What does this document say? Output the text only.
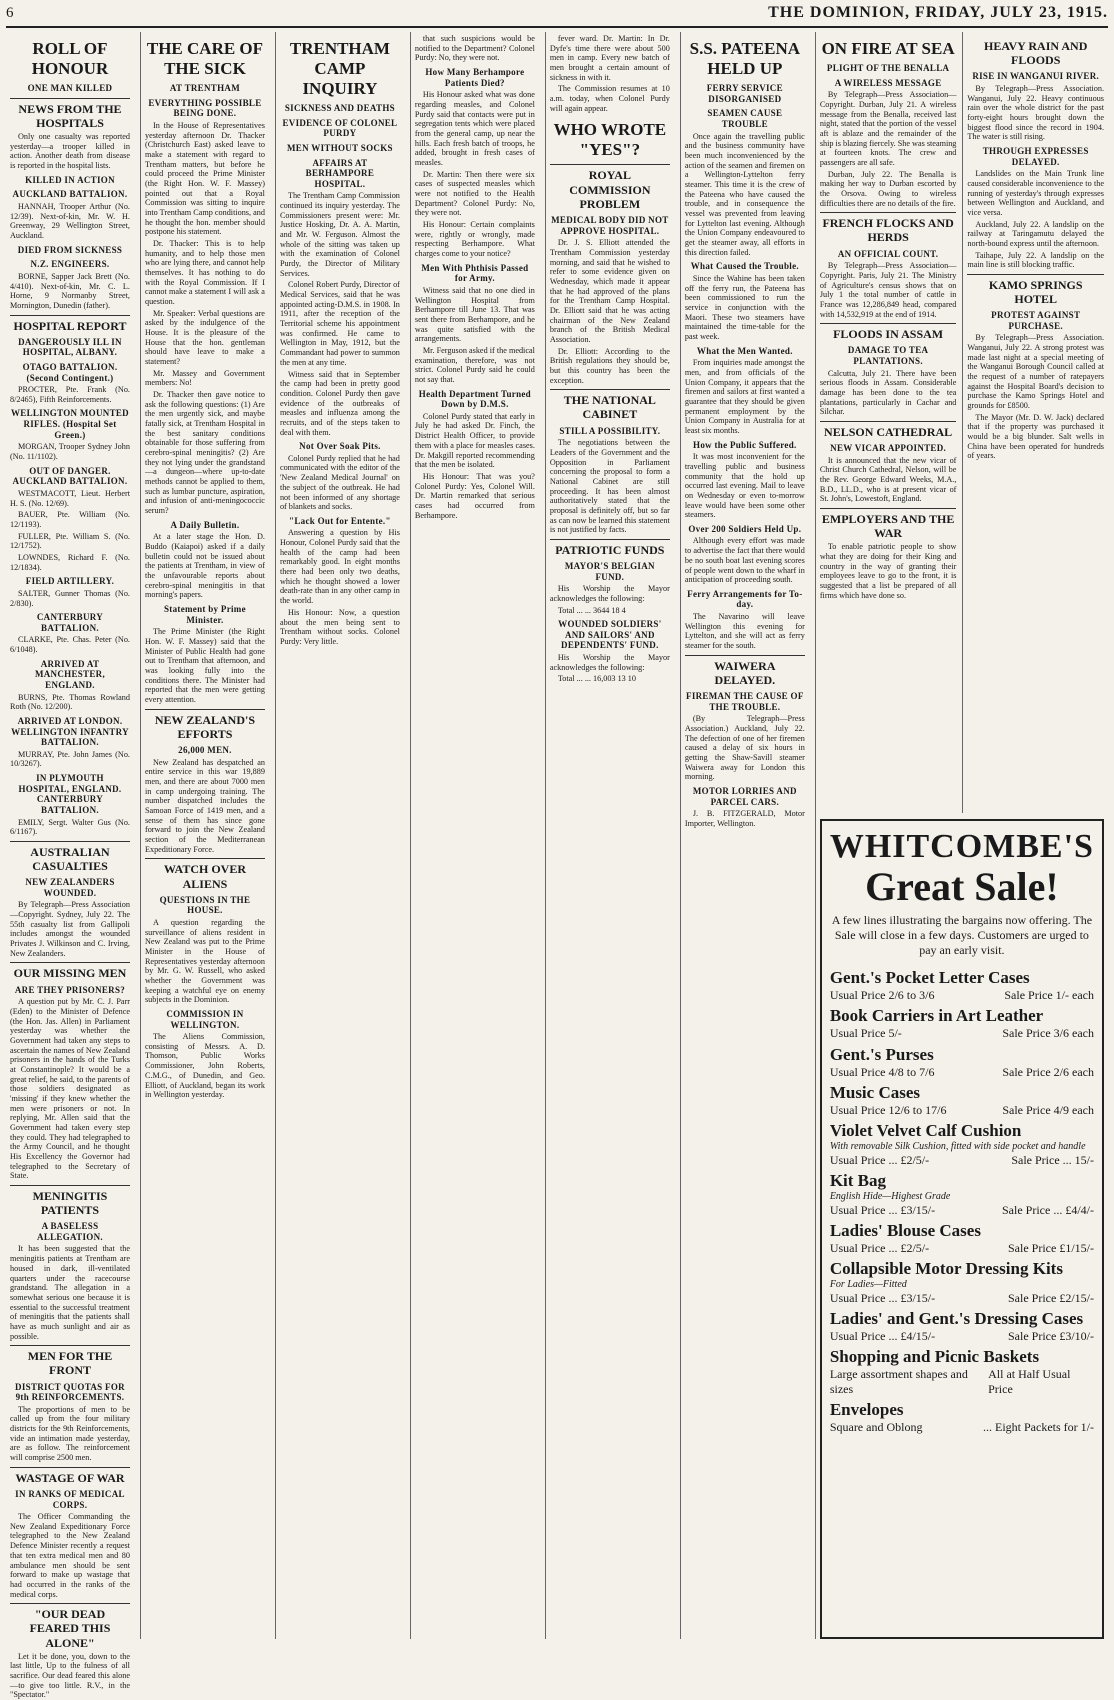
6	THE DOMINION, FRIDAY, JULY 23, 1915.
ROLL OF HONOUR
ONE MAN KILLED
NEWS FROM THE HOSPITALS

Only one casualty was reported yesterday—a trooper killed in action. Another death from disease is reported in the hospital lists.

KILLED IN ACTION
AUCKLAND BATTALION.

HANNAH, Trooper Arthur (No. 12/39). Next-of-kin, Mr. W. H. Greenway, 29 Wellington Street, Auckland.

DIED FROM SICKNESS
N.Z. ENGINEERS.

BORNE, Sapper Jack Brett (No. 4/410). Next-of-kin, Mr. C. L. Horne, 9 Normanby Street, Mornington, Dunedin (father).

HOSPITAL REPORT
DANGEROUSLY ILL IN HOSPITAL, ALBANY.
OTAGO BATTALION. (Second Contingent.)

PROCTER, Pte. Frank (No. 8/2465), Fifth Reinforcements.

WELLINGTON MOUNTED RIFLES. (Hospital Set Green.)

MORGAN, Trooper Sydney John (No. 11/1102).

OUT OF DANGER. AUCKLAND BATTALION.

WESTMACOTT, Lieut. Herbert H. S. (No. 12/69).

BAUER, Pte. William (No. 12/1193).

FULLER, Pte. William S. (No. 12/1752).

LOWNDES, Richard F. (No. 12/1834).

FIELD ARTILLERY.

SALTER, Gunner Thomas (No. 2/830).

CANTERBURY BATTALION.

CLARKE, Pte. Chas. Peter (No. 6/1048).

ARRIVED AT MANCHESTER, ENGLAND.

BURNS, Pte. Thomas Rowland Roth (No. 12/200).

ARRIVED AT LONDON. WELLINGTON INFANTRY BATTALION.

MURRAY, Pte. John James (No. 10/3267).

IN PLYMOUTH HOSPITAL, ENGLAND. CANTERBURY BATTALION.

EMILY, Sergt. Walter Gus (No. 6/1167).

AUSTRALIAN CASUALTIES
NEW ZEALANDERS WOUNDED.

By Telegraph—Press Association—Copyright. Sydney, July 22. The 55th casualty list from Gallipoli includes amongst the wounded Privates J. Wilkinson and C. Irving, New Zealanders.

OUR MISSING MEN
ARE THEY PRISONERS?

A question put by Mr. C. J. Parr (Eden) to the Minister of Defence (the Hon. Jas. Allen) in Parliament yesterday was whether the Government had taken any steps to ascertain the names of New Zealand prisoners in the hands of the Turks at Constantinople? It would be a great relief, he said, to the parents of those soldiers designated as 'missing' if they knew whether the men were prisoners or not. In replying, Mr. Allen said that the Government had taken every step they could. They had telegraphed to the Army Council, and he thought His Excellency the Governor had telegraphed to the Secretary of State.

MENINGITIS PATIENTS
A BASELESS ALLEGATION.

It has been suggested that the meningitis patients at Trentham are housed in dark, ill-ventilated quarters under the racecourse grandstand. The allegation in a somewhat serious one because it is essential to the successful treatment of meningitis that the patients shall have as much sunlight and air as possible.

MEN FOR THE FRONT
DISTRICT QUOTAS FOR 9th REINFORCEMENTS.

The proportions of men to be called up from the four military districts for the 9th Reinforcements, vide an intimation made yesterday, are as follow. The reinforcement will comprise 2500 men.

WASTAGE OF WAR
IN RANKS OF MEDICAL CORPS.

The Officer Commanding the New Zealand Expeditionary Force telegraphed to the New Zealand Defence Minister recently a request that ten extra medical men and 80 ambulance men should be sent forward to make up wastage that had occurred in the ranks of the medical corps.

"OUR DEAD FEARED THIS ALONE"

Let it be done, you, down to the last little, Up to the fulness of all sacrifice. Our dead feared this alone—to give too little. R.V., in the "Spectator."

THE CARE OF THE SICK
AT TRENTHAM
EVERYTHING POSSIBLE BEING DONE.

In the House of Representatives yesterday afternoon Dr. Thacker (Christchurch East) asked leave to make a statement with regard to Trentham matters, but before he could proceed the Prime Minister (the Right Hon. W. F. Massey) pointed out that a Royal Commission was sitting to inquire into Trentham Camp conditions, and he thought the hon. member should postpone his statement.

Dr. Thacker: This is to help humanity, and to help those men who are lying there, and cannot help themselves. It has nothing to do with the Royal Commission. If I cannot make a statement I will ask a question.

Mr. Speaker: Verbal questions are asked by the indulgence of the House. It is the pleasure of the House that the hon. gentleman should have leave to make a statement?

Mr. Massey and Government members: No!

Dr. Thacker then gave notice to ask the following questions: (1) Are the men urgently sick, and maybe fatally sick, at Trentham Hospital in the best sanitary conditions obtainable for those suffering from cerebro-spinal meningitis? (2) Are they not lying under the grandstand—a dungeon—where up-to-date methods cannot be applied to them, such as lumbar puncture, aspiration, and infusion of anti-meningococcic serum?

A Daily Bulletin.

At a later stage the Hon. D. Buddo (Kaiapoi) asked if a daily bulletin could not be issued about the patients at Trentham, in view of the unfavourable reports about cerebro-spinal meningitis in that morning's papers.

Statement by Prime Minister.

The Prime Minister (the Right Hon. W. F. Massey) said that the Minister of Public Health had gone out to Trentham that afternoon, and was looking fully into the conditions there. The Minister had reported that the men were getting every attention.

NEW ZEALAND'S EFFORTS
26,000 MEN.

New Zealand has despatched an entire service in this war 19,889 men, and there are about 7000 men in camp undergoing training. The number dispatched includes the Samoan Force of 1419 men, and a sense of them has since gone forward to join the New Zealand section of the Mediterranean Expeditionary Force.

WATCH OVER ALIENS
QUESTIONS IN THE HOUSE.

A question regarding the surveillance of aliens resident in New Zealand was put to the Prime Minister in the House of Representatives yesterday afternoon by Mr. G. W. Russell, who asked whether the Government was keeping a watchful eye on enemy subjects in the Dominion.

COMMISSION IN WELLINGTON.

The Aliens Commission, consisting of Messrs. A. D. Thomson, Public Works Commissioner, John Roberts, C.M.G., of Dunedin, and Geo. Elliott, of Auckland, began its work in Wellington yesterday.

TRENTHAM CAMP INQUIRY
SICKNESS AND DEATHS
EVIDENCE OF COLONEL PURDY
MEN WITHOUT SOCKS
AFFAIRS AT BERHAMPORE HOSPITAL.

The Trentham Camp Commission continued its inquiry yesterday. The Commissioners present were: Mr. Justice Hosking, Dr. A. A. Martin, and Mr. W. Ferguson. Almost the whole of the sitting was taken up with the examination of Colonel Purdy, the Director of Military Services.

Colonel Robert Purdy, Director of Medical Services, said that he was appointed acting-D.M.S. in 1908. In 1911, after the reception of the Territorial scheme his appointment was confirmed. He came to Wellington in May, 1912, but the Commandant had power to summon the men at any time.

Witness said that in September the camp had been in pretty good condition. Colonel Purdy then gave evidence of the outbreaks of measles and influenza among the recruits, and of the steps taken to deal with them.

Not Over Soak Pits.

Colonel Purdy replied that he had communicated with the editor of the 'New Zealand Medical Journal' on the subject of the outbreak. He had not been informed of any shortage of blankets and socks.

"Lack Out for Entente."

Answering a question by His Honour, Colonel Purdy said that the health of the camp had been remarkably good. In eight months there had been only two deaths, which he thought showed a lower death-rate than in any other camp in the world.

His Honour: Now, a question about the men being sent to Trentham without socks. Colonel Purdy: Very little.

that such suspicions would be notified to the Department? Colonel Purdy: No, they were not.

How Many Berhampore Patients Died?

His Honour asked what was done regarding measles, and Colonel Purdy said that contacts were put in segregation tents which were placed from the general camp, up near the hills. Each fresh batch of troops, he added, brought in fresh cases of measles.

Dr. Martin: Then there were six cases of suspected measles which were not notified to the Health Department? Colonel Purdy: No, they were not.

His Honour: Certain complaints were, rightly or wrongly, made respecting Berhampore. What charges come to your notice?

Men With Phthisis Passed for Army.

Witness said that no one died in Wellington Hospital from Berhampore till June 13. That was sent there from Berhampore, and he was quite satisfied with the arrangements.

Mr. Ferguson asked if the medical examination, therefore, was not strict. Colonel Purdy said he could not say that.

Health Department Turned Down by D.M.S.

Colonel Purdy stated that early in July he had asked Dr. Finch, the District Health Officer, to provide them with a place for measles cases. Dr. Makgill reported recommending that the men be isolated.

His Honour: That was you? Colonel Purdy: Yes, Colonel Will. Dr. Martin remarked that serious cases had occurred from Berhampore.

fever ward. Dr. Martin: In Dr. Dyfe's time there were about 500 men in camp. Every new batch of men brought a certain amount of sickness in with it.

The Commission resumes at 10 a.m. today, when Colonel Purdy will again appear.

WHO WROTE "YES"?
ROYAL COMMISSION PROBLEM
MEDICAL BODY DID NOT APPROVE HOSPITAL.

Dr. J. S. Elliott attended the Trentham Commission yesterday morning, and said that he wished to refer to some evidence given on Wednesday, which made it appear that he had approved of the plans for the Trentham Camp Hospital. Dr. Elliott said that he was acting chairman of the New Zealand branch of the British Medical Association.

Dr. Elliott: According to the British regulations they should be, but this country has been the exception.

THE NATIONAL CABINET
STILL A POSSIBILITY.

The negotiations between the Leaders of the Government and the Opposition in Parliament concerning the proposal to form a National Cabinet are still proceeding. It has been almost authoritatively stated that the proposal is definitely off, but so far as can now be learned this statement is not justified by facts.

PATRIOTIC FUNDS
MAYOR'S BELGIAN FUND.

His Worship the Mayor acknowledges the following:

Total ... ... 3644 18 4

WOUNDED SOLDIERS' AND SAILORS' AND DEPENDENTS' FUND.

His Worship the Mayor acknowledges the following:

Total ... ... 16,003 13 10

S.S. PATEENA HELD UP
FERRY SERVICE DISORGANISED
SEAMEN CAUSE TROUBLE

Once again the travelling public and the business community have been much inconvenienced by the action of the seamen and firemen on a Wellington-Lyttelton ferry steamer. This time it is the crew of the Pateena who have caused the trouble, and in consequence the vessel was prevented from leaving for Lyttelton last evening. Although the Union Company endeavoured to get the steamer away, all efforts in this direction failed.

What Caused the Trouble.

Since the Wahine has been taken off the ferry run, the Pateena has been commissioned to run the service in conjunction with the Maori. These two steamers have maintained the time-table for the past week.

What the Men Wanted.

From inquiries made amongst the men, and from officials of the Union Company, it appears that the firemen and sailors at first wanted a guarantee that they should be given permanent employment by the Union Company in Australia for at least six months.

How the Public Suffered.

It was most inconvenient for the travelling public and business community that the hold up occurred last evening. Mail to leave on Wednesday or even to-morrow leave would have been some other steamers.

Over 200 Soldiers Held Up.

Although every effort was made to advertise the fact that there would be no south boat last evening scores of people went down to the wharf in anticipation of proceeding south.

Ferry Arrangements for To-day.

The Navarino will leave Wellington this evening for Lyttelton, and she will act as ferry steamer for the south.

WAIWERA DELAYED.
FIREMAN THE CAUSE OF THE TROUBLE.

(By Telegraph—Press Association.) Auckland, July 22. The defection of one of her firemen caused a delay of six hours in getting the Shaw-Savill steamer Waiwera away for London this morning.

MOTOR LORRIES AND PARCEL CARS.

J. B. FITZGERALD, Motor Importer, Wellington.

ON FIRE AT SEA
PLIGHT OF THE BENALLA
A WIRELESS MESSAGE

By Telegraph—Press Association—Copyright. Durban, July 21. A wireless message from the Benalla, received last night, stated that the portion of the vessel aft is ablaze and the remainder of the ship is blazing fiercely. She was steaming at fourteen knots. The crew and passengers are all safe.

Durban, July 22. The Benalla is making her way to Durban escorted by the Orsova. Owing to wireless difficulties there are no details of the fire.

FRENCH FLOCKS AND HERDS
AN OFFICIAL COUNT.

By Telegraph—Press Association—Copyright. Paris, July 21. The Ministry of Agriculture's census shows that on July 1 the total number of cattle in France was 12,286,849 head, compared with 14,532,919 at the end of 1914.

FLOODS IN ASSAM
DAMAGE TO TEA PLANTATIONS.

Calcutta, July 21. There have been serious floods in Assam. Considerable damage has been done to the tea plantations, particularly in Cachar and Silchar.

NELSON CATHEDRAL
NEW VICAR APPOINTED.

It is announced that the new vicar of Christ Church Cathedral, Nelson, will be the Rev. George Edward Weeks, M.A., B.D., LL.D., who is at present vicar of St. John's, Lowestoft, England.

EMPLOYERS AND THE WAR

To enable patriotic people to show what they are doing for their King and country in the way of granting their employees leave to go to the front, it is suggested that a list be prepared of all firms which have done so.

HEAVY RAIN AND FLOODS
RISE IN WANGANUI RIVER.

By Telegraph—Press Association. Wanganui, July 22. Heavy continuous rain over the whole district for the past forty-eight hours brought down the biggest flood since the record in 1904. The water is still rising.

THROUGH EXPRESSES DELAYED.

Landslides on the Main Trunk line caused considerable inconvenience to the running of yesterday's through expresses between Wellington and Auckland, and vice versa.

Auckland, July 22. A landslip on the railway at Taringamutu delayed the north-bound express until the afternoon.

Taihape, July 22. A landslip on the main line is still blocking traffic.

KAMO SPRINGS HOTEL
PROTEST AGAINST PURCHASE.

By Telegraph—Press Association. Wanganui, July 22. A strong protest was made last night at a special meeting of the Wanganui Borough Council called at the request of a number of ratepayers against the Hospital Board's decision to purchase the Kamo Springs Hotel and grounds for £8500.

The Mayor (Mr. D. W. Jack) declared that if the property was purchased it would be a big blunder. Salt wells in China have been operated for hundreds of years.

WHITCOMBE'S
Great Sale!
A few lines illustrating the bargains now offering. The Sale will close in a few days. Customers are urged to pay an early visit.
Gent.'s Pocket Letter Cases
Usual Price 2/6 to 3/6	Sale Price 1/- each
Book Carriers in Art Leather
Usual Price 5/-	Sale Price 3/6 each
Gent.'s Purses
Usual Price 4/8 to 7/6	Sale Price 2/6 each
Music Cases
Usual Price 12/6 to 17/6	Sale Price 4/9 each
Violet Velvet Calf Cushion
With removable Silk Cushion, fitted with side pocket and handle
Usual Price ... £2/5/-	Sale Price ... 15/-
Kit Bag
English Hide—Highest Grade
Usual Price ... £3/15/-	Sale Price ... £4/4/-
Ladies' Blouse Cases
Usual Price ... £2/5/-	Sale Price £1/15/-
Collapsible Motor Dressing Kits
For Ladies—Fitted
Usual Price ... £3/15/-	Sale Price £2/15/-
Ladies' and Gent.'s Dressing Cases
Usual Price ... £4/15/-	Sale Price £3/10/-
Shopping and Picnic Baskets
Large assortment shapes and sizes
All at Half Usual Price
Envelopes
Square and Oblong	... Eight Packets for 1/-
